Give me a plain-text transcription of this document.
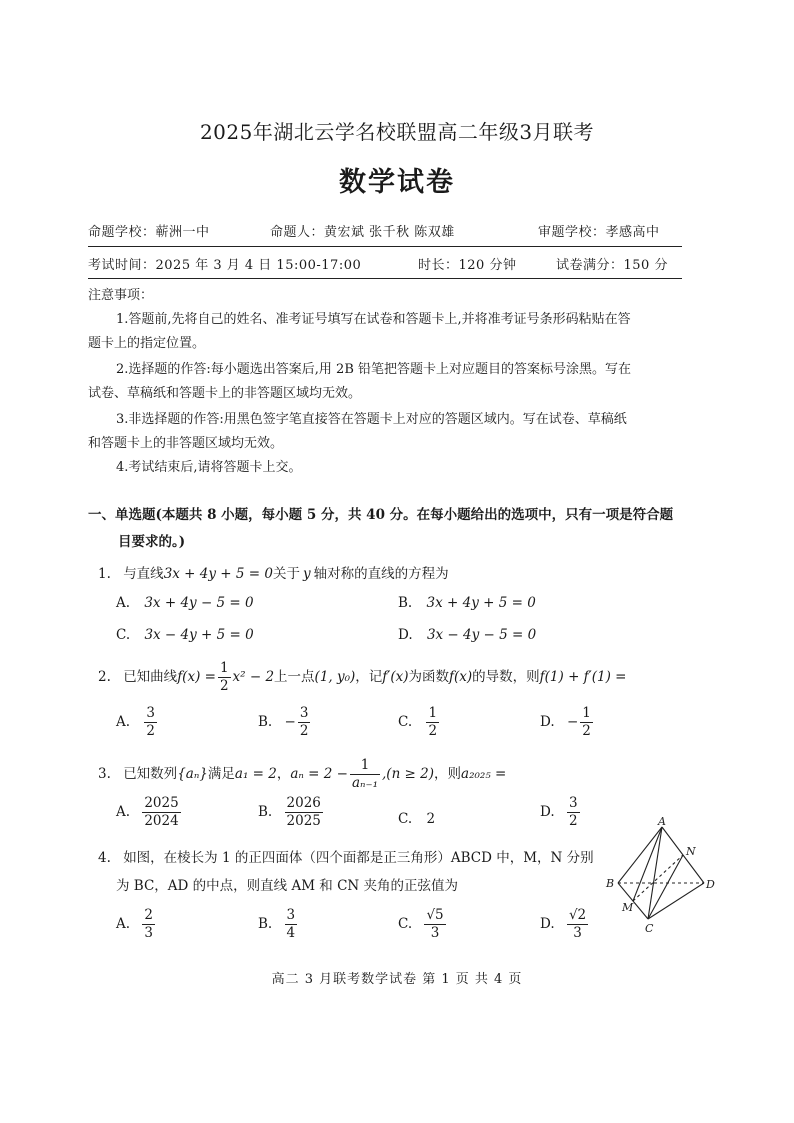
2025年湖北云学名校联盟高二年级3月联考
数学试卷
命题学校：蕲洲一中	命题人：黄宏斌 张千秋 陈双雄	审题学校：孝感高中
考试时间：2025 年 3 月 4 日 15:00-17:00	时长：120 分钟	试卷满分：150 分
注意事项：
1.答题前,先将自己的姓名、准考证号填写在试卷和答题卡上,并将准考证号条形码粘贴在答
题卡上的指定位置。
2.选择题的作答:每小题选出答案后,用 2B 铅笔把答题卡上对应题目的答案标号涂黑。写在
试卷、草稿纸和答题卡上的非答题区域均无效。
3.非选择题的作答:用黑色签字笔直接答在答题卡上对应的答题区域内。写在试卷、草稿纸
和答题卡上的非答题区域均无效。
4.考试结束后,请将答题卡上交。
一、单选题(本题共 8 小题，每小题 5 分，共 40 分。在每小题给出的选项中，只有一项是符合题
目要求的。)
1. 与直线3x + 4y + 5 = 0关于 y 轴对称的直线的方程为
A. 3x + 4y − 5 = 0	B. 3x + 4y + 5 = 0
C. 3x − 4y + 5 = 0	D. 3x − 4y − 5 = 0
2. 已知曲线$f(x) = \frac{1}{2} x^2 - 2$上一点(1, y₀)，记f′(x)为函数f(x)的导数，则f(1) + f′(1) =
A. $\frac{3}{2}$	B. − $\frac{3}{2}$	C. $\frac{1}{2}$	D. − $\frac{1}{2}$
3. 已知数列{aₙ}满足a₁ = 2，$a_n = 2 - \frac{1}{\text{aₙ₋₁}} ,(n \ge 2)$，则a₂₀₂₅ =
A. $\frac{2025}{2024}$	B. $\frac{2026}{2025}$	C. 2	D. $\frac{3}{2}$
4. 如图，在棱长为 1 的正四面体（四个面都是正三角形）ABCD 中，M，N 分别
为 BC，AD 的中点，则直线 AM 和 CN 夹角的正弦值为
A. $\frac{2}{3}$	B. $\frac{3}{4}$	C. $\frac{√5}{3}$	D. $\frac{√2}{3}$
A
B
C
D
M
N
高二 3 月联考数学试卷 第 1 页 共 4 页
